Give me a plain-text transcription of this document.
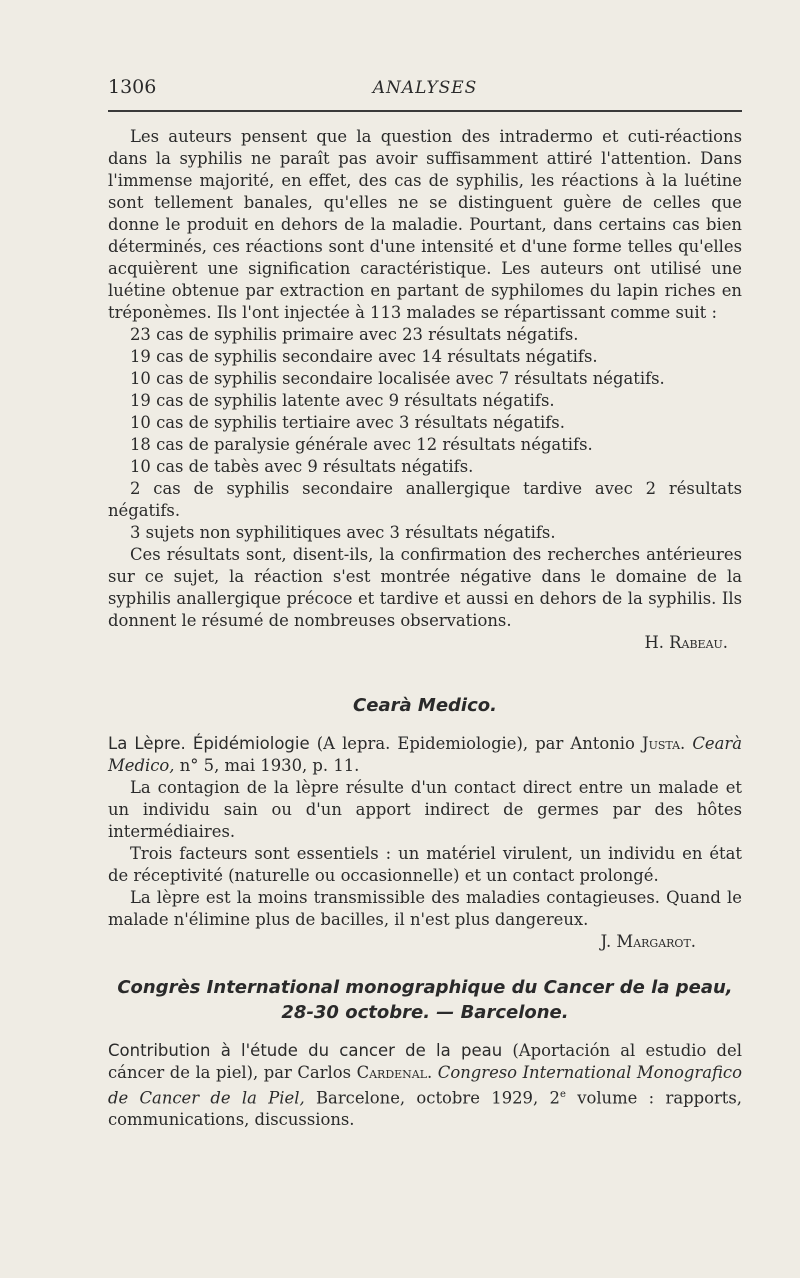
1306	ANALYSES

Les auteurs pensent que la question des intradermo et cuti-réactions dans la syphilis ne paraît pas avoir suffisamment attiré l'attention. Dans l'immense majorité, en effet, des cas de syphilis, les réactions à la luétine sont tellement banales, qu'elles ne se distinguent guère de celles que donne le produit en dehors de la maladie. Pourtant, dans certains cas bien déterminés, ces réactions sont d'une intensité et d'une forme telles qu'elles acquièrent une signification caractéristique. Les auteurs ont utilisé une luétine obtenue par extraction en partant de syphilomes du lapin riches en tréponèmes. Ils l'ont injectée à 113 malades se répartissant comme suit :

23 cas de syphilis primaire avec 23 résultats négatifs.

19 cas de syphilis secondaire avec 14 résultats négatifs.

10 cas de syphilis secondaire localisée avec 7 résultats négatifs.

19 cas de syphilis latente avec 9 résultats négatifs.

10 cas de syphilis tertiaire avec 3 résultats négatifs.

18 cas de paralysie générale avec 12 résultats négatifs.

10 cas de tabès avec 9 résultats négatifs.

2 cas de syphilis secondaire anallergique tardive avec 2 résultats négatifs.

3 sujets non syphilitiques avec 3 résultats négatifs.

Ces résultats sont, disent-ils, la confirmation des recherches antérieures sur ce sujet, la réaction s'est montrée négative dans le domaine de la syphilis anallergique précoce et tardive et aussi en dehors de la syphilis. Ils donnent le résumé de nombreuses observations.

H. Rabeau.

Cearà Medico.

La Lèpre. Épidémiologie (A lepra. Epidemiologie), par Antonio Justa. Cearà Medico, n° 5, mai 1930, p. 11.

La contagion de la lèpre résulte d'un contact direct entre un malade et un individu sain ou d'un apport indirect de germes par des hôtes intermédiaires.

Trois facteurs sont essentiels : un matériel virulent, un individu en état de réceptivité (naturelle ou occasionnelle) et un contact prolongé.

La lèpre est la moins transmissible des maladies contagieuses. Quand le malade n'élimine plus de bacilles, il n'est plus dangereux.

J. Margarot.

Congrès International monographique du Cancer de la peau,
28-30 octobre. — Barcelone.

Contribution à l'étude du cancer de la peau (Aportación al estudio del cáncer de la piel), par Carlos Cardenal. Congreso International Monografico de Cancer de la Piel, Barcelone, octobre 1929, 2e volume : rapports, communications, discussions.
